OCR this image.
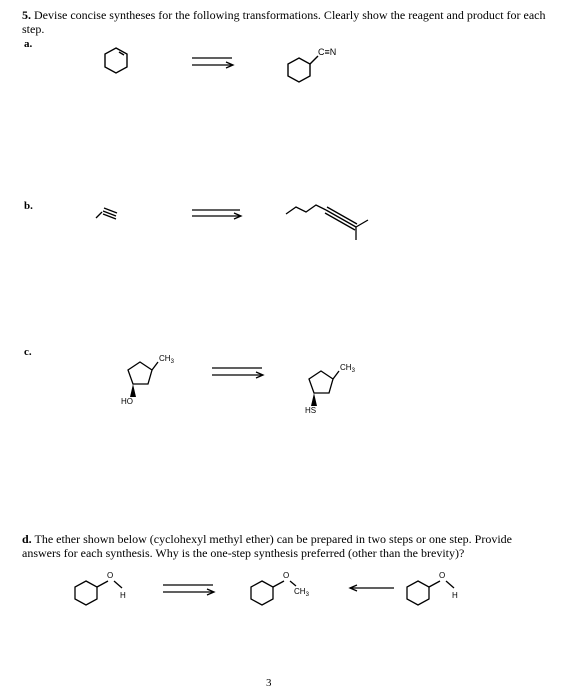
5. Devise concise syntheses for the following transformations. Clearly show the reagent and product for each step.
a.
b.
c.
d. The ether shown below (cyclohexyl methyl ether) can be prepared in two steps or one step. Provide answers for each synthesis. Why is the one-step synthesis preferred (other than the brevity)?
C≡N
$CH_3$
HO
$CH_3$
HS
O
H
O
$CH_3$
O
H
3
